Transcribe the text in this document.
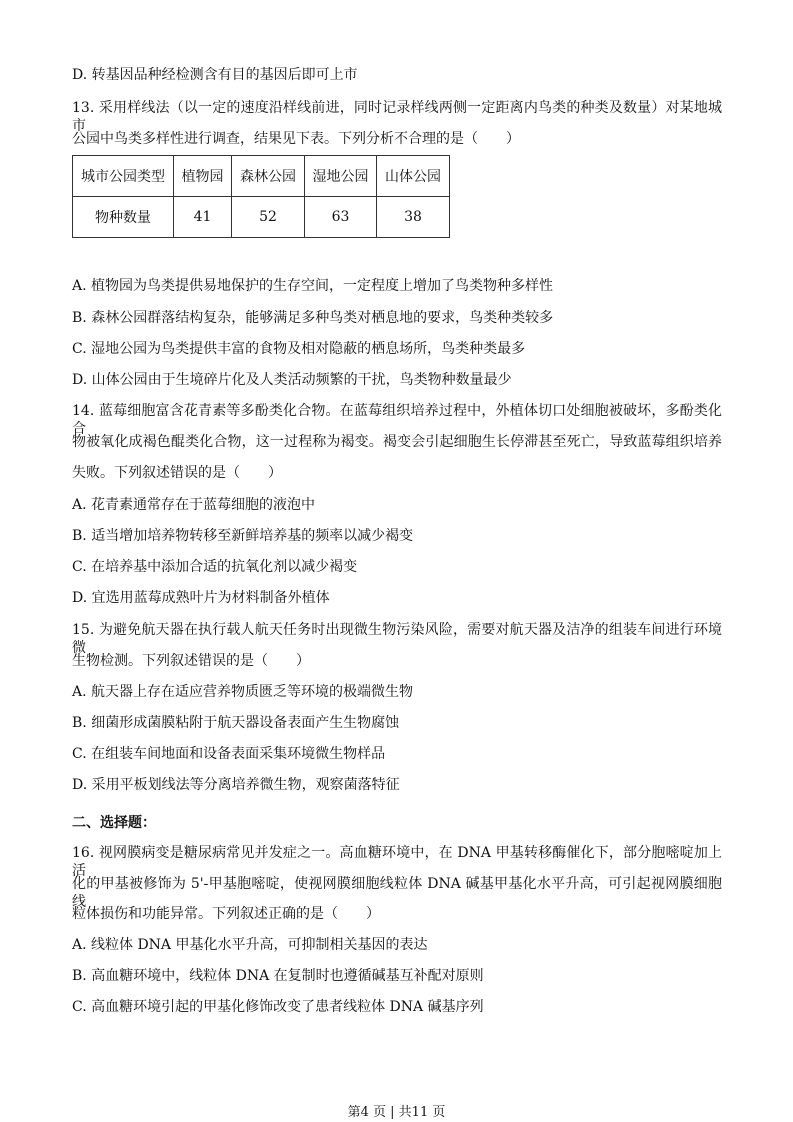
D. 转基因品种经检测含有目的基因后即可上市
13. 采用样线法（以一定的速度沿样线前进，同时记录样线两侧一定距离内鸟类的种类及数量）对某地城市
公园中鸟类多样性进行调查，结果见下表。下列分析不合理的是（　　）
城市公园类型	植物园	森林公园	湿地公园	山体公园
物种数量	41	52	63	38
A. 植物园为鸟类提供易地保护的生存空间，一定程度上增加了鸟类物种多样性
B. 森林公园群落结构复杂，能够满足多种鸟类对栖息地的要求，鸟类种类较多
C. 湿地公园为鸟类提供丰富的食物及相对隐蔽的栖息场所，鸟类种类最多
D. 山体公园由于生境碎片化及人类活动频繁的干扰，鸟类物种数量最少
14. 蓝莓细胞富含花青素等多酚类化合物。在蓝莓组织培养过程中，外植体切口处细胞被破坏，多酚类化合
物被氧化成褐色醌类化合物，这一过程称为褐变。褐变会引起细胞生长停滞甚至死亡，导致蓝莓组织培养
失败。下列叙述错误的是（　　）
A. 花青素通常存在于蓝莓细胞的液泡中
B. 适当增加培养物转移至新鲜培养基的频率以减少褐变
C. 在培养基中添加合适的抗氧化剂以减少褐变
D. 宜选用蓝莓成熟叶片为材料制备外植体
15. 为避免航天器在执行载人航天任务时出现微生物污染风险，需要对航天器及洁净的组装车间进行环境微
生物检测。下列叙述错误的是（　　）
A. 航天器上存在适应营养物质匮乏等环境的极端微生物
B. 细菌形成菌膜粘附于航天器设备表面产生生物腐蚀
C. 在组装车间地面和设备表面采集环境微生物样品
D. 采用平板划线法等分离培养微生物，观察菌落特征
二、选择题：
16. 视网膜病变是糖尿病常见并发症之一。高血糖环境中，在 DNA 甲基转移酶催化下，部分胞嘧啶加上活
化的甲基被修饰为 5'-甲基胞嘧啶，使视网膜细胞线粒体 DNA 碱基甲基化水平升高，可引起视网膜细胞线
粒体损伤和功能异常。下列叙述正确的是（　　）
A. 线粒体 DNA 甲基化水平升高，可抑制相关基因的表达
B. 高血糖环境中，线粒体 DNA 在复制时也遵循碱基互补配对原则
C. 高血糖环境引起的甲基化修饰改变了患者线粒体 DNA 碱基序列
第4 页 | 共11 页
